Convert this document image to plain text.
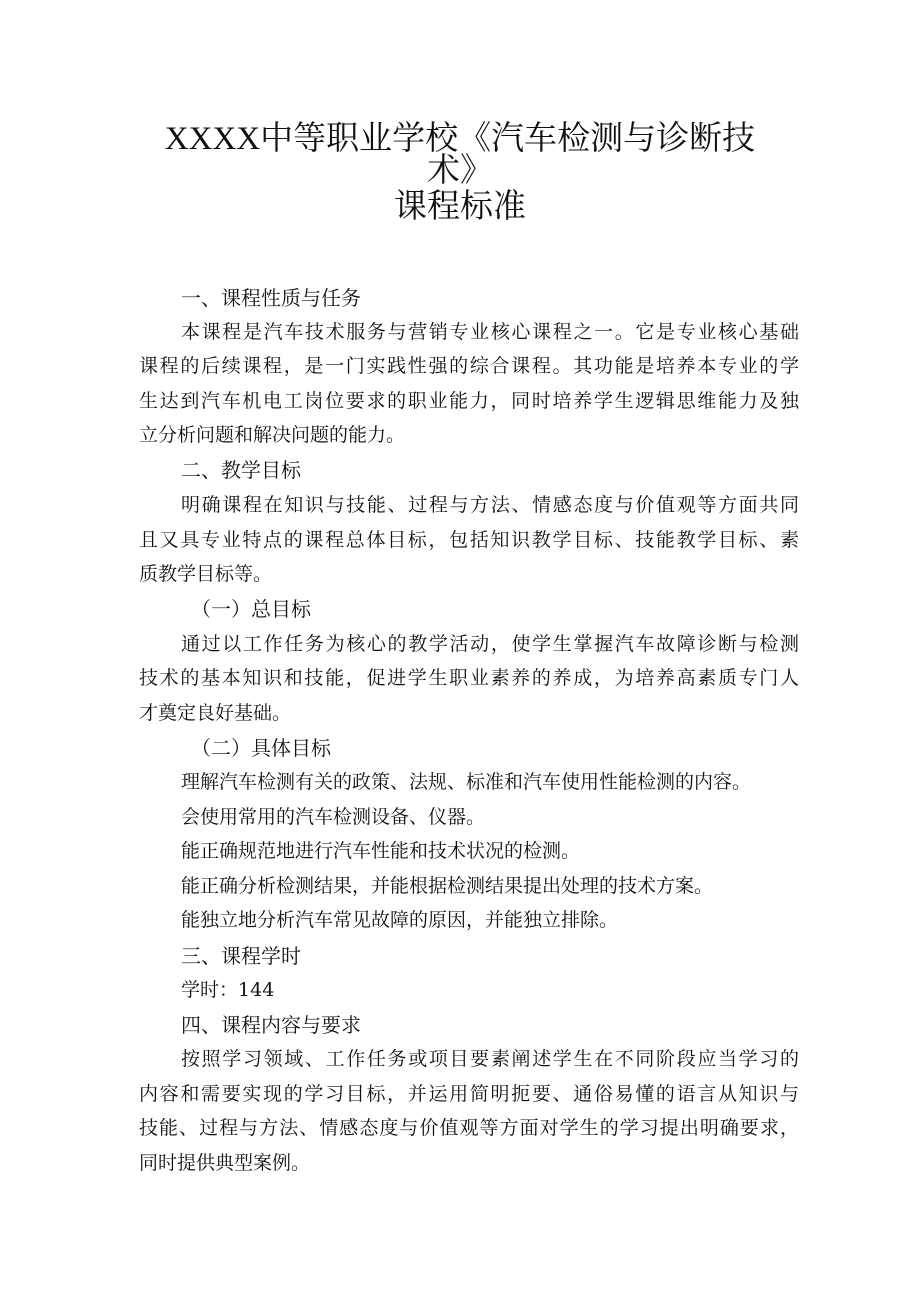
XXXX中等职业学校《汽车检测与诊断技
术》
课程标准

一、课程性质与任务

本课程是汽车技术服务与营销专业核心课程之一。它是专业核心基础

课程的后续课程，是一门实践性强的综合课程。其功能是培养本专业的学

生达到汽车机电工岗位要求的职业能力，同时培养学生逻辑思维能力及独

立分析问题和解决问题的能力。

二、教学目标

明确课程在知识与技能、过程与方法、情感态度与价值观等方面共同

且又具专业特点的课程总体目标，包括知识教学目标、技能教学目标、素

质教学目标等。

（一）总目标

通过以工作任务为核心的教学活动，使学生掌握汽车故障诊断与检测

技术的基本知识和技能，促进学生职业素养的养成，为培养高素质专门人

才奠定良好基础。

（二）具体目标

理解汽车检测有关的政策、法规、标准和汽车使用性能检测的内容。

会使用常用的汽车检测设备、仪器。

能正确规范地进行汽车性能和技术状况的检测。

能正确分析检测结果，并能根据检测结果提出处理的技术方案。

能独立地分析汽车常见故障的原因，并能独立排除。

三、课程学时

学时：144

四、课程内容与要求

按照学习领域、工作任务或项目要素阐述学生在不同阶段应当学习的

内容和需要实现的学习目标，并运用简明扼要、通俗易懂的语言从知识与

技能、过程与方法、情感态度与价值观等方面对学生的学习提出明确要求，

同时提供典型案例。
